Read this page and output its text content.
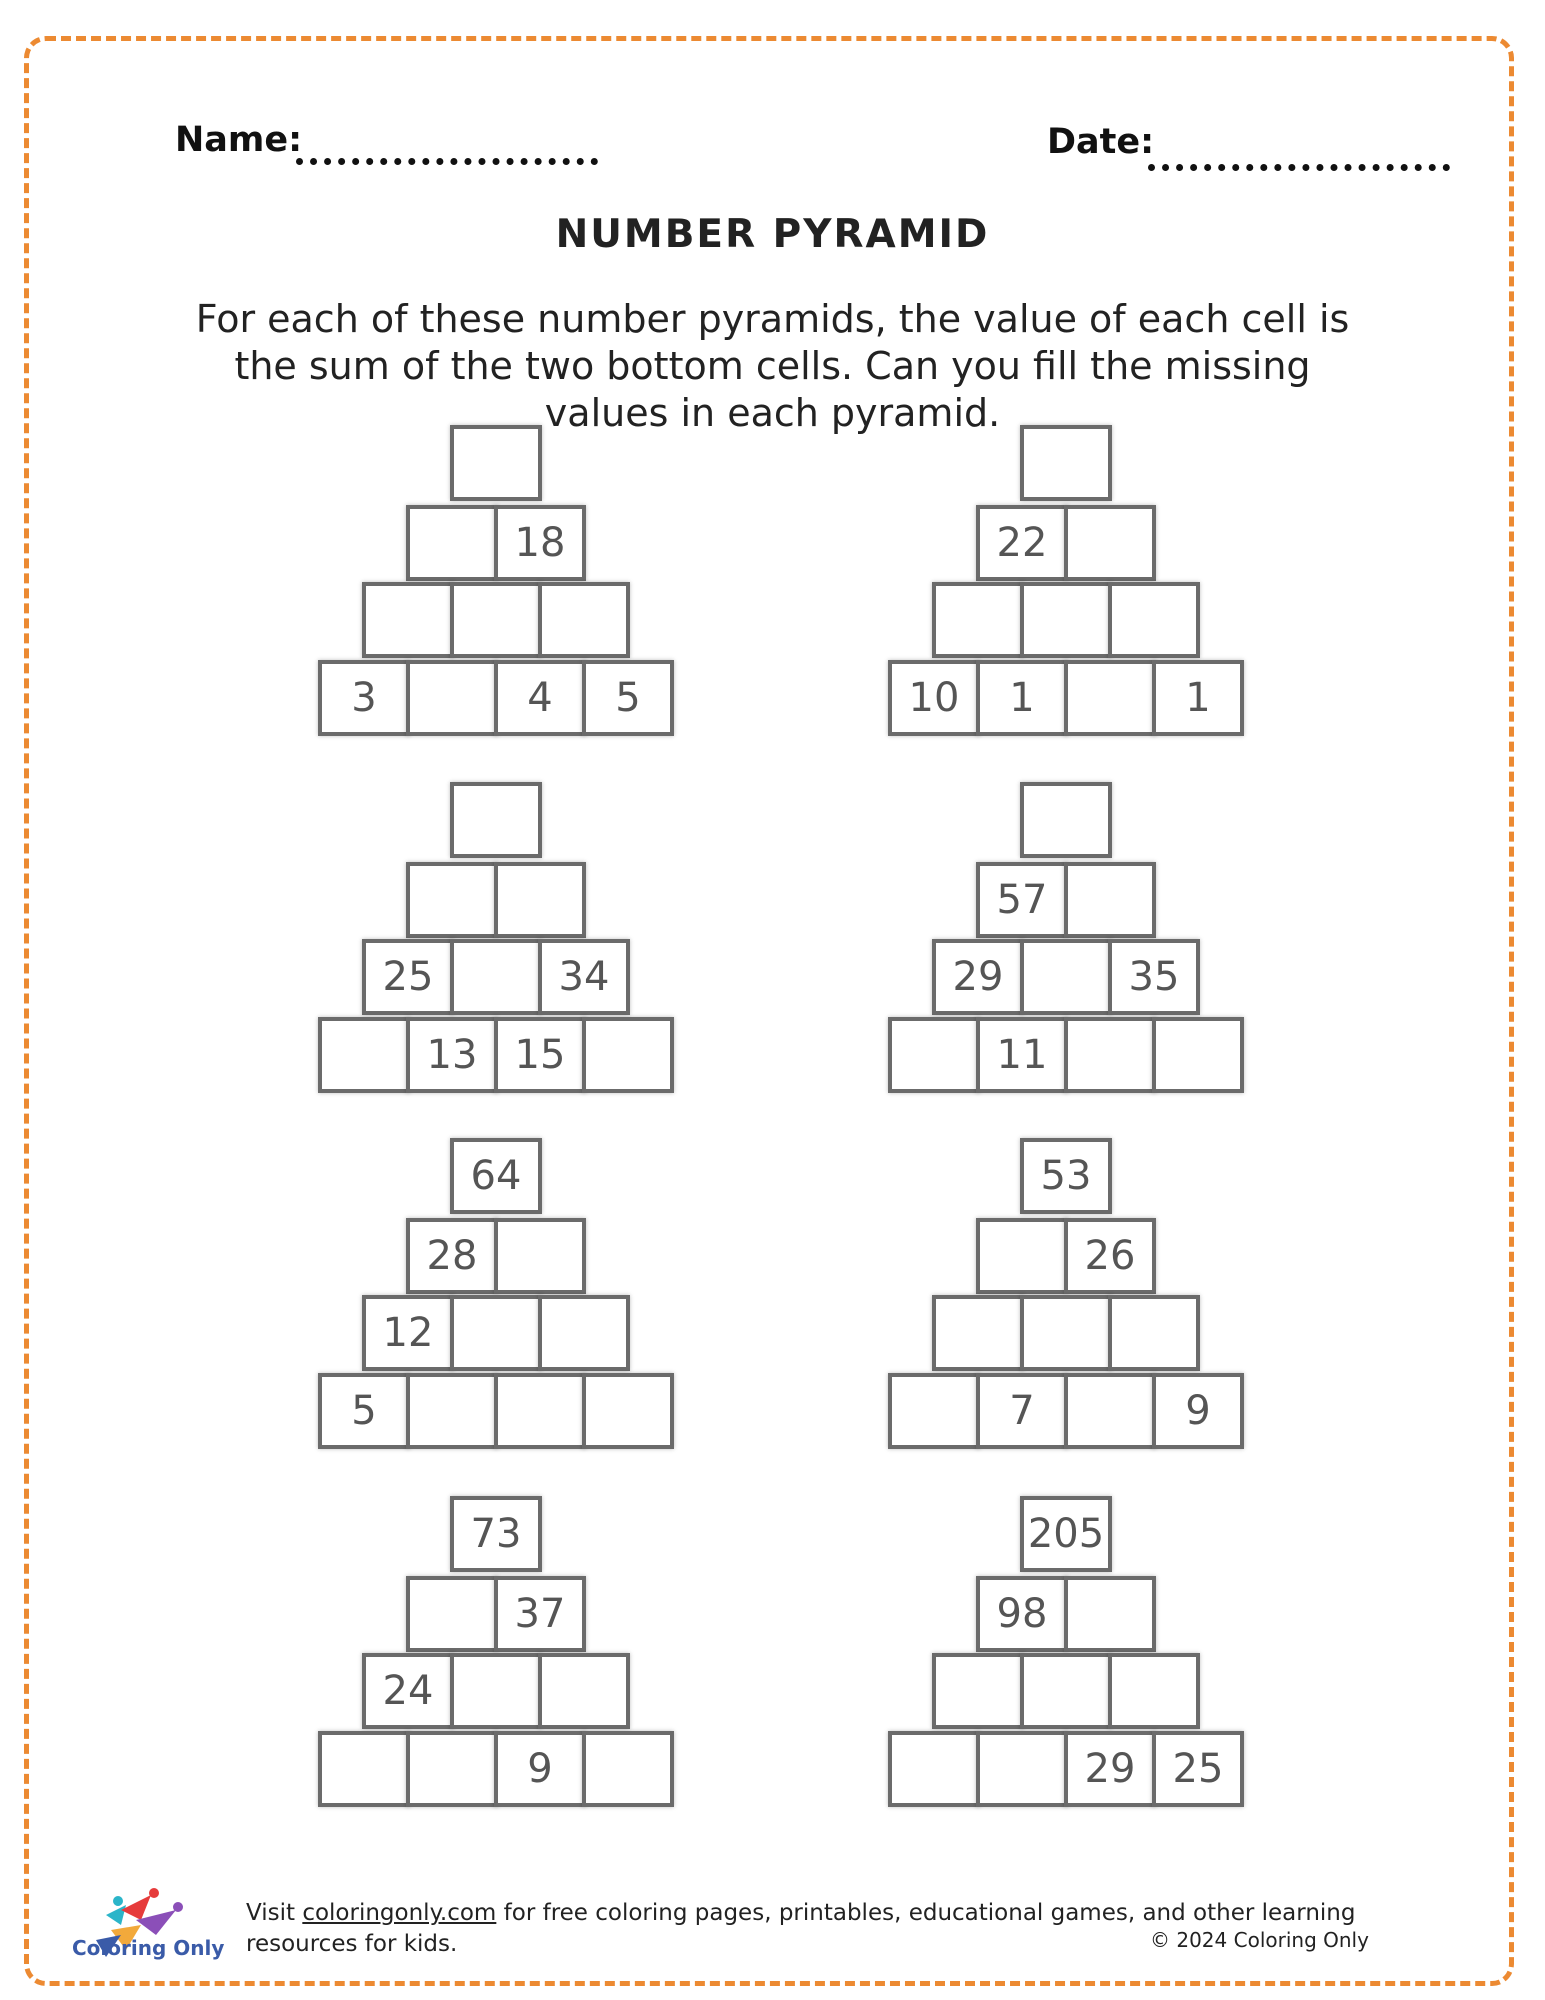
Name:	Date:
NUMBER PYRAMID
For each of these number pyramids, the value of each cell is the sum of the two bottom cells. Can you fill the missing values in each pyramid.
18
3	4	5
22
10	1	1
25	34
13 15
57
29	35
11
64
28
12
5
53
26
7	9
73
37
24
9
205
98
29 25
Coloring Only
Visit coloringonly.com for free coloring pages, printables, educational games, and other learning resources for kids.	© 2024 Coloring Only
